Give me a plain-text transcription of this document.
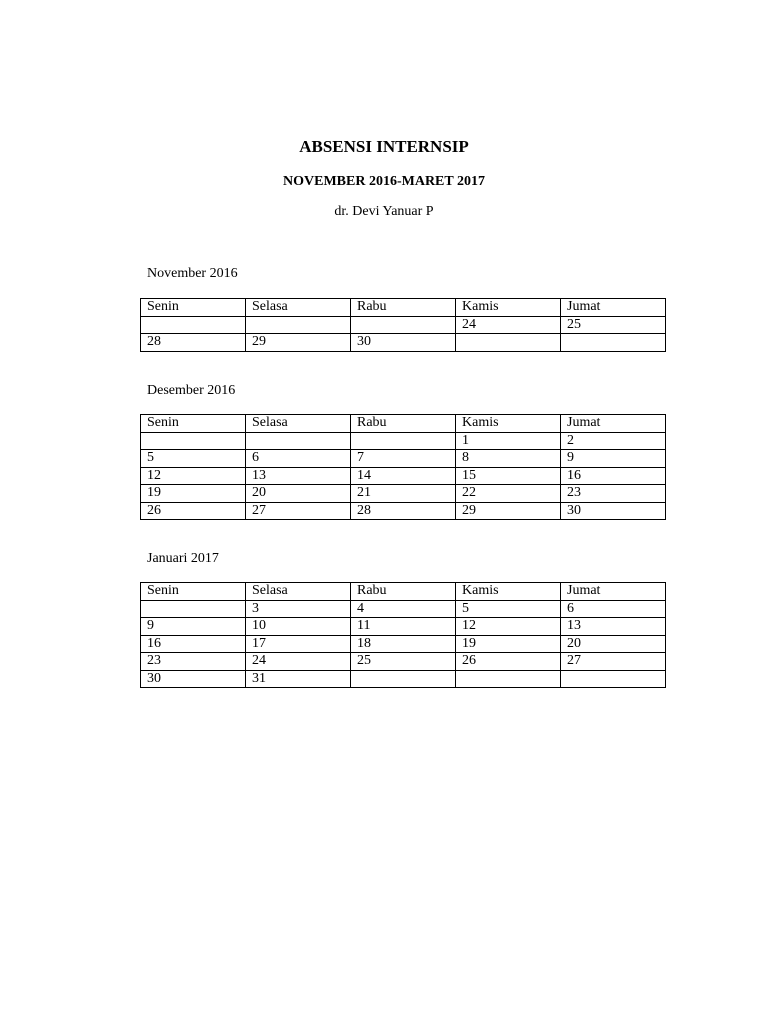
ABSENSI INTERNSIP
NOVEMBER 2016-MARET 2017
dr. Devi Yanuar P
November 2016
Senin	Selasa	Rabu	Kamis	Jumat
			24	25
28	29	30		
Desember 2016
Senin	Selasa	Rabu	Kamis	Jumat
			1	2
5	6	7	8	9
12	13	14	15	16
19	20	21	22	23
26	27	28	29	30
Januari 2017
Senin	Selasa	Rabu	Kamis	Jumat
	3	4	5	6
9	10	11	12	13
16	17	18	19	20
23	24	25	26	27
30	31			
